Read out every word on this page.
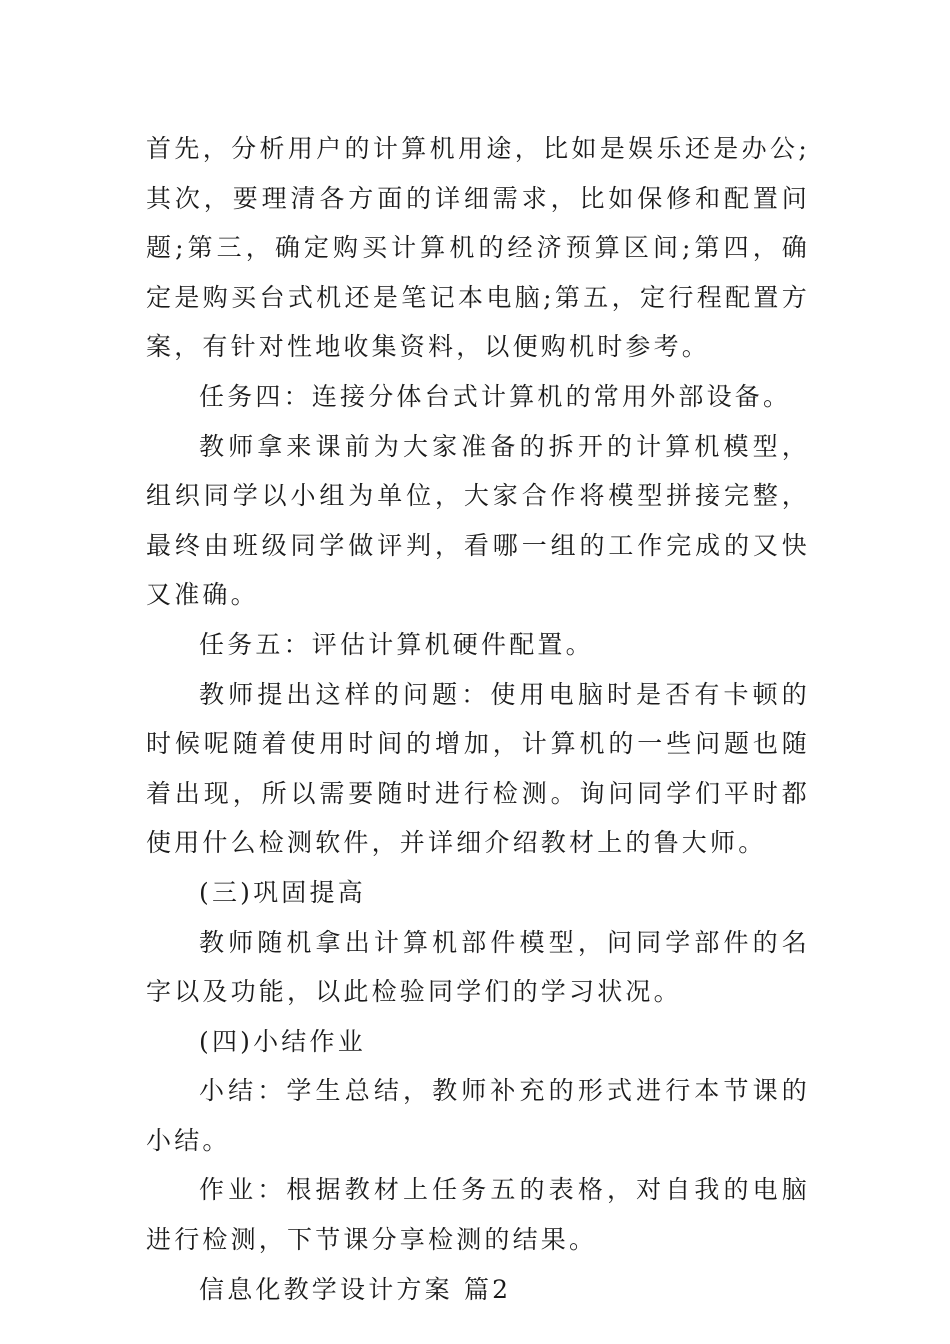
首先，分析用户的计算机用途，比如是娱乐还是办公;其次，要理清各方面的详细需求，比如保修和配置问题;第三，确定购买计算机的经济预算区间;第四，确定是购买台式机还是笔记本电脑;第五，定行程配置方案，有针对性地收集资料，以便购机时参考。

任务四：连接分体台式计算机的常用外部设备。

教师拿来课前为大家准备的拆开的计算机模型，组织同学以小组为单位，大家合作将模型拼接完整，最终由班级同学做评判，看哪一组的工作完成的又快又准确。

任务五：评估计算机硬件配置。

教师提出这样的问题：使用电脑时是否有卡顿的时候呢随着使用时间的增加，计算机的一些问题也随着出现，所以需要随时进行检测。询问同学们平时都使用什么检测软件，并详细介绍教材上的鲁大师。

(三)巩固提高

教师随机拿出计算机部件模型，问同学部件的名字以及功能，以此检验同学们的学习状况。

(四)小结作业

小结：学生总结，教师补充的形式进行本节课的小结。

作业：根据教材上任务五的表格，对自我的电脑进行检测，下节课分享检测的结果。

信息化教学设计方案 篇2
